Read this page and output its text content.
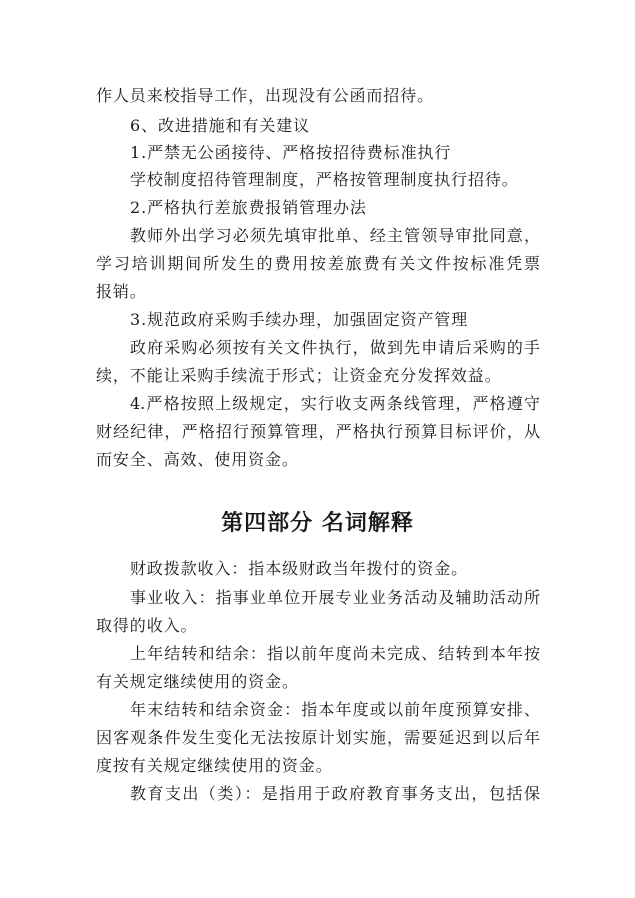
作人员来校指导工作，出现没有公函而招待。
6、改进措施和有关建议
1.严禁无公函接待、严格按招待费标准执行
学校制度招待管理制度，严格按管理制度执行招待。
2.严格执行差旅费报销管理办法
教师外出学习必须先填审批单、经主管领导审批同意，
学习培训期间所发生的费用按差旅费有关文件按标准凭票
报销。
3.规范政府采购手续办理，加强固定资产管理
政府采购必须按有关文件执行，做到先申请后采购的手
续，不能让采购手续流于形式；让资金充分发挥效益。
4.严格按照上级规定，实行收支两条线管理，严格遵守
财经纪律，严格招行预算管理，严格执行预算目标评价，从
而安全、高效、使用资金。
第四部分 名词解释
财政拨款收入：指本级财政当年拨付的资金。
事业收入：指事业单位开展专业业务活动及辅助活动所
取得的收入。
上年结转和结余：指以前年度尚未完成、结转到本年按
有关规定继续使用的资金。
年末结转和结余资金：指本年度或以前年度预算安排、
因客观条件发生变化无法按原计划实施，需要延迟到以后年
度按有关规定继续使用的资金。
教育支出（类）：是指用于政府教育事务支出，包括保
